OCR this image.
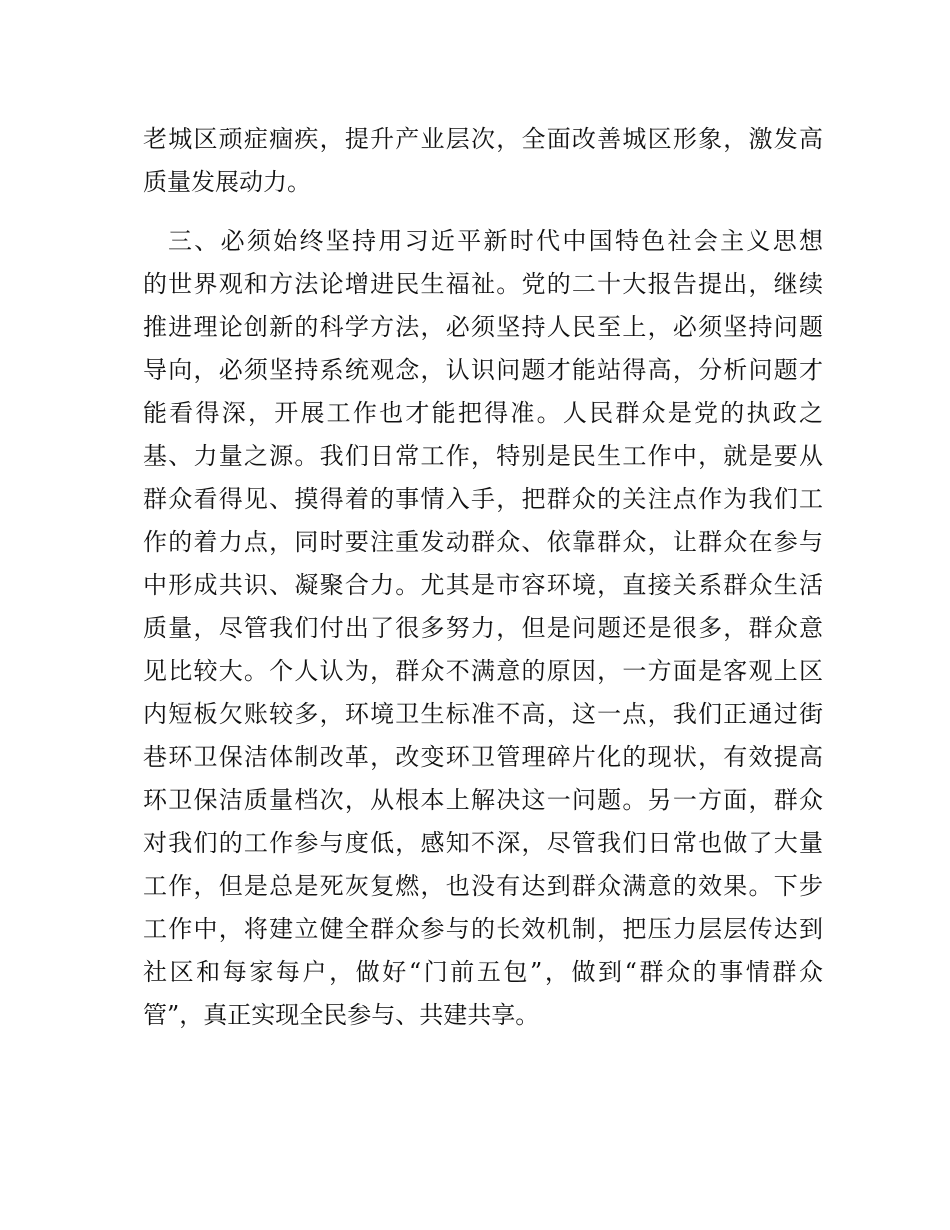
老城区顽症痼疾，提升产业层次，全面改善城区形象，激发高
质量发展动力。
三、必须始终坚持用习近平新时代中国特色社会主义思想
的世界观和方法论增进民生福祉。党的二十大报告提出，继续
推进理论创新的科学方法，必须坚持人民至上，必须坚持问题
导向，必须坚持系统观念，认识问题才能站得高，分析问题才
能看得深，开展工作也才能把得准。人民群众是党的执政之
基、力量之源。我们日常工作，特别是民生工作中，就是要从
群众看得见、摸得着的事情入手，把群众的关注点作为我们工
作的着力点，同时要注重发动群众、依靠群众，让群众在参与
中形成共识、凝聚合力。尤其是市容环境，直接关系群众生活
质量，尽管我们付出了很多努力，但是问题还是很多，群众意
见比较大。个人认为，群众不满意的原因，一方面是客观上区
内短板欠账较多，环境卫生标准不高，这一点，我们正通过街
巷环卫保洁体制改革，改变环卫管理碎片化的现状，有效提高
环卫保洁质量档次，从根本上解决这一问题。另一方面，群众
对我们的工作参与度低，感知不深，尽管我们日常也做了大量
工作，但是总是死灰复燃，也没有达到群众满意的效果。下步
工作中，将建立健全群众参与的长效机制，把压力层层传达到
社区和每家每户，做好“门前五包”，做到“群众的事情群众
管”，真正实现全民参与、共建共享。
